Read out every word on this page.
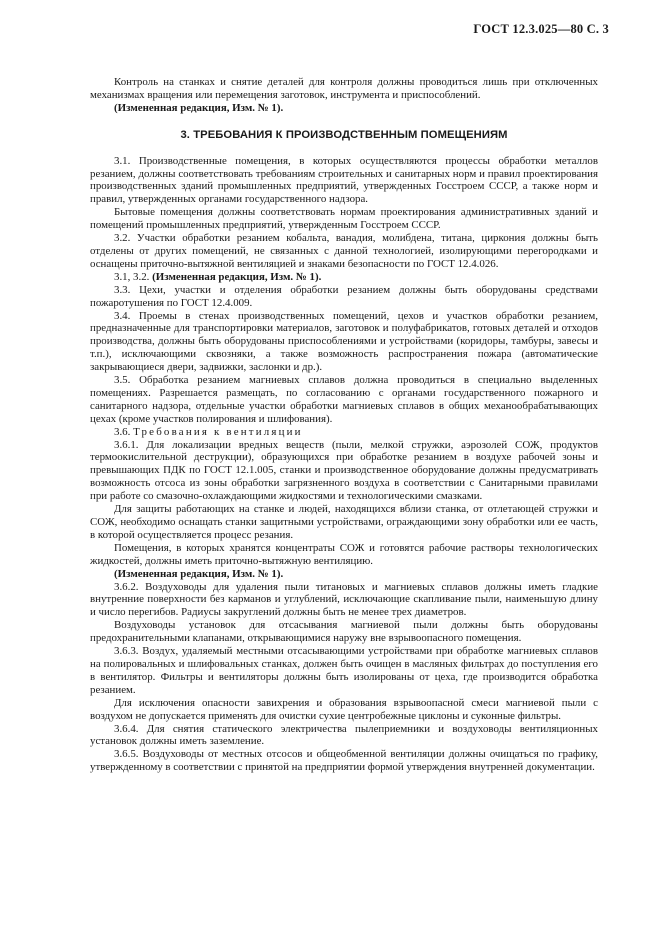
ГОСТ 12.3.025—80 С. 3

Контроль на станках и снятие деталей для контроля должны проводиться лишь при отключенных механизмах вращения или перемещения заготовок, инструмента и приспособлений.

(Измененная редакция, Изм. № 1).

3. ТРЕБОВАНИЯ К ПРОИЗВОДСТВЕННЫМ ПОМЕЩЕНИЯМ

3.1. Производственные помещения, в которых осуществляются процессы обработки металлов резанием, должны соответствовать требованиям строительных и санитарных норм и правил проектирования производственных зданий промышленных предприятий, утвержденных Госстроем СССР, а также норм и правил, утвержденных органами государственного надзора.

Бытовые помещения должны соответствовать нормам проектирования административных зданий и помещений промышленных предприятий, утвержденным Госстроем СССР.

3.2. Участки обработки резанием кобальта, ванадия, молибдена, титана, циркония должны быть отделены от других помещений, не связанных с данной технологией, изолирующими перегородками и оснащены приточно-вытяжной вентиляцией и знаками безопасности по ГОСТ 12.4.026.

3.1, 3.2. (Измененная редакция, Изм. № 1).

3.3. Цехи, участки и отделения обработки резанием должны быть оборудованы средствами пожаротушения по ГОСТ 12.4.009.

3.4. Проемы в стенах производственных помещений, цехов и участков обработки резанием, предназначенные для транспортировки материалов, заготовок и полуфабрикатов, готовых деталей и отходов производства, должны быть оборудованы приспособлениями и устройствами (коридоры, тамбуры, завесы и т.п.), исключающими сквозняки, а также возможность распространения пожара (автоматические закрывающиеся двери, задвижки, заслонки и др.).

3.5. Обработка резанием магниевых сплавов должна проводиться в специально выделенных помещениях. Разрешается размещать, по согласованию с органами государственного пожарного и санитарного надзора, отдельные участки обработки магниевых сплавов в общих механообрабатывающих цехах (кроме участков полирования и шлифования).

3.6. Требования к вентиляции

3.6.1. Для локализации вредных веществ (пыли, мелкой стружки, аэрозолей СОЖ, продуктов термоокислительной деструкции), образующихся при обработке резанием в воздухе рабочей зоны и превышающих ПДК по ГОСТ 12.1.005, станки и производственное оборудование должны предусматривать возможность отсоса из зоны обработки загрязненного воздуха в соответствии с Санитарными правилами при работе со смазочно-охлаждающими жидкостями и технологическими смазками.

Для защиты работающих на станке и людей, находящихся вблизи станка, от отлетающей стружки и СОЖ, необходимо оснащать станки защитными устройствами, ограждающими зону обработки или ее часть, в которой осуществляется процесс резания.

Помещения, в которых хранятся концентраты СОЖ и готовятся рабочие растворы технологических жидкостей, должны иметь приточно-вытяжную вентиляцию.

(Измененная редакция, Изм. № 1).

3.6.2. Воздуховоды для удаления пыли титановых и магниевых сплавов должны иметь гладкие внутренние поверхности без карманов и углублений, исключающие скапливание пыли, наименьшую длину и число перегибов. Радиусы закруглений должны быть не менее трех диаметров.

Воздуховоды установок для отсасывания магниевой пыли должны быть оборудованы предохранительными клапанами, открывающимися наружу вне взрывоопасного помещения.

3.6.3. Воздух, удаляемый местными отсасывающими устройствами при обработке магниевых сплавов на полировальных и шлифовальных станках, должен быть очищен в масляных фильтрах до поступления его в вентилятор. Фильтры и вентиляторы должны быть изолированы от цеха, где производится обработка резанием.

Для исключения опасности завихрения и образования взрывоопасной смеси магниевой пыли с воздухом не допускается применять для очистки сухие центробежные циклоны и суконные фильтры.

3.6.4. Для снятия статического электричества пылеприемники и воздуховоды вентиляционных установок должны иметь заземление.

3.6.5. Воздуховоды от местных отсосов и общеобменной вентиляции должны очищаться по графику, утвержденному в соответствии с принятой на предприятии формой утверждения внутренней документации.
